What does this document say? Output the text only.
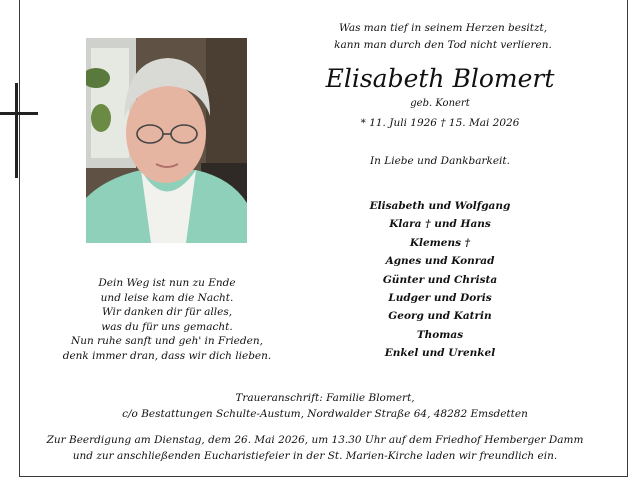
Was man tief in seinem Herzen besitzt,
kann man durch den Tod nicht verlieren.
Elisabeth Blomert
geb. Konert
* 11. Juli 1926 † 15. Mai 2026
In Liebe und Dankbarkeit.
Elisabeth und Wolfgang
Klara † und Hans
Klemens †
Agnes und Konrad
Günter und Christa
Ludger und Doris
Georg und Katrin
Thomas
Enkel und Urenkel
Dein Weg ist nun zu Ende
und leise kam die Nacht.
Wir danken dir für alles,
was du für uns gemacht.
Nun ruhe sanft und geh' in Frieden,
denk immer dran, dass wir dich lieben.
Traueranschrift: Familie Blomert,
c/o Bestattungen Schulte-Austum, Nordwalder Straße 64, 48282 Emsdetten
Zur Beerdigung am Dienstag, dem 26. Mai 2026, um 13.30 Uhr auf dem Friedhof Hemberger Damm
und zur anschließenden Eucharistiefeier in der St. Marien-Kirche laden wir freundlich ein.
